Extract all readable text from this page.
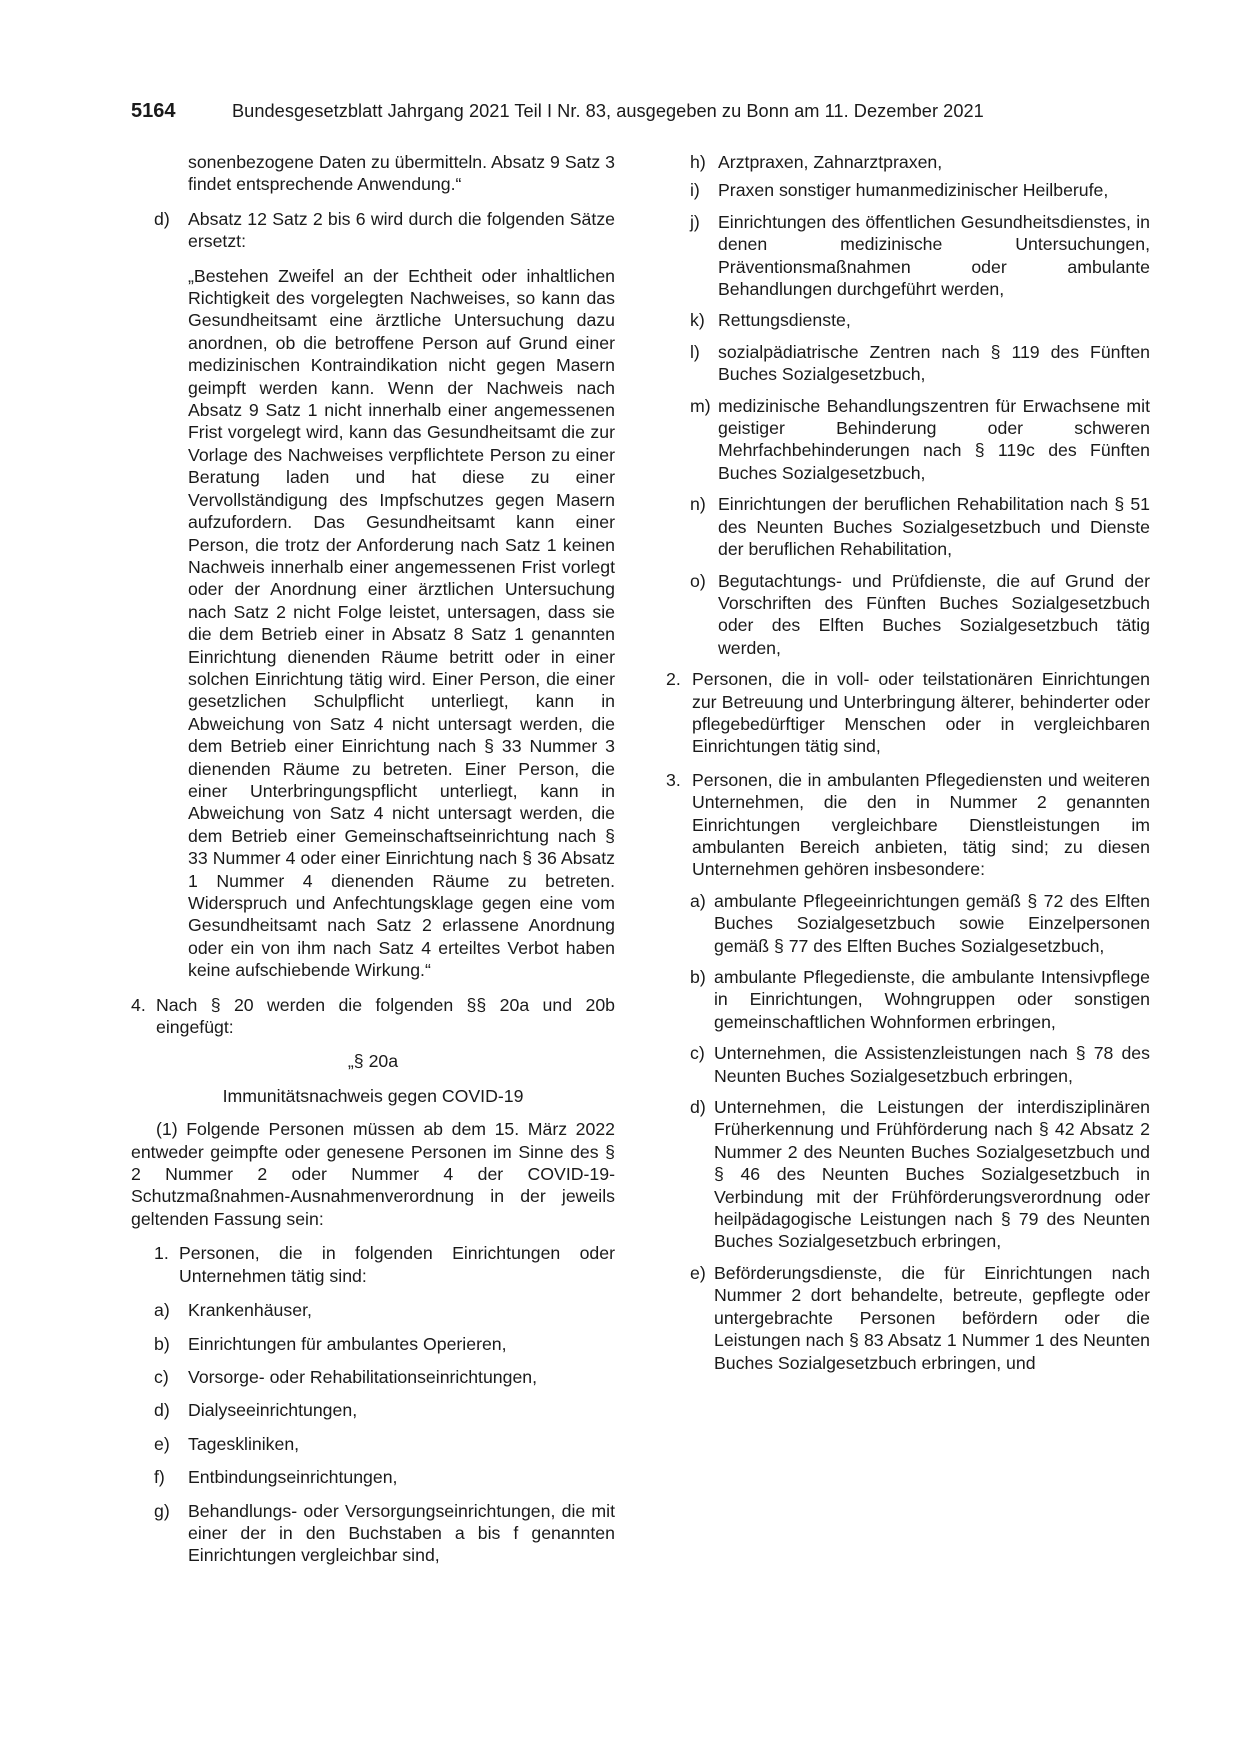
5164	Bundesgesetzblatt Jahrgang 2021 Teil I Nr. 83, ausgegeben zu Bonn am 11. Dezember 2021

sonenbezogene Daten zu übermitteln. Absatz 9 Satz 3 findet entsprechende Anwendung.“

d) Absatz 12 Satz 2 bis 6 wird durch die folgenden Sätze ersetzt:

„Bestehen Zweifel an der Echtheit oder inhaltlichen Richtigkeit des vorgelegten Nachweises, so kann das Gesundheitsamt eine ärztliche Untersuchung dazu anordnen, ob die betroffene Person auf Grund einer medizinischen Kontraindikation nicht gegen Masern geimpft werden kann. Wenn der Nachweis nach Absatz 9 Satz 1 nicht innerhalb einer angemessenen Frist vorgelegt wird, kann das Gesundheitsamt die zur Vorlage des Nachweises verpflichtete Person zu einer Beratung laden und hat diese zu einer Vervollständigung des Impfschutzes gegen Masern aufzufordern. Das Gesundheitsamt kann einer Person, die trotz der Anforderung nach Satz 1 keinen Nachweis innerhalb einer angemessenen Frist vorlegt oder der Anordnung einer ärztlichen Untersuchung nach Satz 2 nicht Folge leistet, untersagen, dass sie die dem Betrieb einer in Absatz 8 Satz 1 genannten Einrichtung dienenden Räume betritt oder in einer solchen Einrichtung tätig wird. Einer Person, die einer gesetzlichen Schulpflicht unterliegt, kann in Abweichung von Satz 4 nicht untersagt werden, die dem Betrieb einer Einrichtung nach § 33 Nummer 3 dienenden Räume zu betreten. Einer Person, die einer Unterbringungspflicht unterliegt, kann in Abweichung von Satz 4 nicht untersagt werden, die dem Betrieb einer Gemeinschaftseinrichtung nach § 33 Nummer 4 oder einer Einrichtung nach § 36 Absatz 1 Nummer 4 dienenden Räume zu betreten. Widerspruch und Anfechtungsklage gegen eine vom Gesundheitsamt nach Satz 2 erlassene Anordnung oder ein von ihm nach Satz 4 erteiltes Verbot haben keine aufschiebende Wirkung.“

4. Nach § 20 werden die folgenden §§ 20a und 20b eingefügt:

„§ 20a

Immunitätsnachweis gegen COVID-19

(1) Folgende Personen müssen ab dem 15. März 2022 entweder geimpfte oder genesene Personen im Sinne des § 2 Nummer 2 oder Nummer 4 der COVID-19-Schutzmaßnahmen-Ausnahmenverordnung in der jeweils geltenden Fassung sein:

1. Personen, die in folgenden Einrichtungen oder Unternehmen tätig sind:
a) Krankenhäuser,
b) Einrichtungen für ambulantes Operieren,
c) Vorsorge- oder Rehabilitationseinrichtungen,
d) Dialyseeinrichtungen,
e) Tageskliniken,
f) Entbindungseinrichtungen,
g) Behandlungs- oder Versorgungseinrichtungen, die mit einer der in den Buchstaben a bis f genannten Einrichtungen vergleichbar sind,
h) Arztpraxen, Zahnarztpraxen,
i) Praxen sonstiger humanmedizinischer Heilberufe,
j) Einrichtungen des öffentlichen Gesundheitsdienstes, in denen medizinische Untersuchungen, Präventionsmaßnahmen oder ambulante Behandlungen durchgeführt werden,
k) Rettungsdienste,
l) sozialpädiatrische Zentren nach § 119 des Fünften Buches Sozialgesetzbuch,
m) medizinische Behandlungszentren für Erwachsene mit geistiger Behinderung oder schweren Mehrfachbehinderungen nach § 119c des Fünften Buches Sozialgesetzbuch,
n) Einrichtungen der beruflichen Rehabilitation nach § 51 des Neunten Buches Sozialgesetzbuch und Dienste der beruflichen Rehabilitation,
o) Begutachtungs- und Prüfdienste, die auf Grund der Vorschriften des Fünften Buches Sozialgesetzbuch oder des Elften Buches Sozialgesetzbuch tätig werden,
2. Personen, die in voll- oder teilstationären Einrichtungen zur Betreuung und Unterbringung älterer, behinderter oder pflegebedürftiger Menschen oder in vergleichbaren Einrichtungen tätig sind,
3. Personen, die in ambulanten Pflegediensten und weiteren Unternehmen, die den in Nummer 2 genannten Einrichtungen vergleichbare Dienstleistungen im ambulanten Bereich anbieten, tätig sind; zu diesen Unternehmen gehören insbesondere:
a) ambulante Pflegeeinrichtungen gemäß § 72 des Elften Buches Sozialgesetzbuch sowie Einzelpersonen gemäß § 77 des Elften Buches Sozialgesetzbuch,
b) ambulante Pflegedienste, die ambulante Intensivpflege in Einrichtungen, Wohngruppen oder sonstigen gemeinschaftlichen Wohnformen erbringen,
c) Unternehmen, die Assistenzleistungen nach § 78 des Neunten Buches Sozialgesetzbuch erbringen,
d) Unternehmen, die Leistungen der interdisziplinären Früherkennung und Frühförderung nach § 42 Absatz 2 Nummer 2 des Neunten Buches Sozialgesetzbuch und § 46 des Neunten Buches Sozialgesetzbuch in Verbindung mit der Frühförderungsverordnung oder heilpädagogische Leistungen nach § 79 des Neunten Buches Sozialgesetzbuch erbringen,
e) Beförderungsdienste, die für Einrichtungen nach Nummer 2 dort behandelte, betreute, gepflegte oder untergebrachte Personen befördern oder die Leistungen nach § 83 Absatz 1 Nummer 1 des Neunten Buches Sozialgesetzbuch erbringen, und
